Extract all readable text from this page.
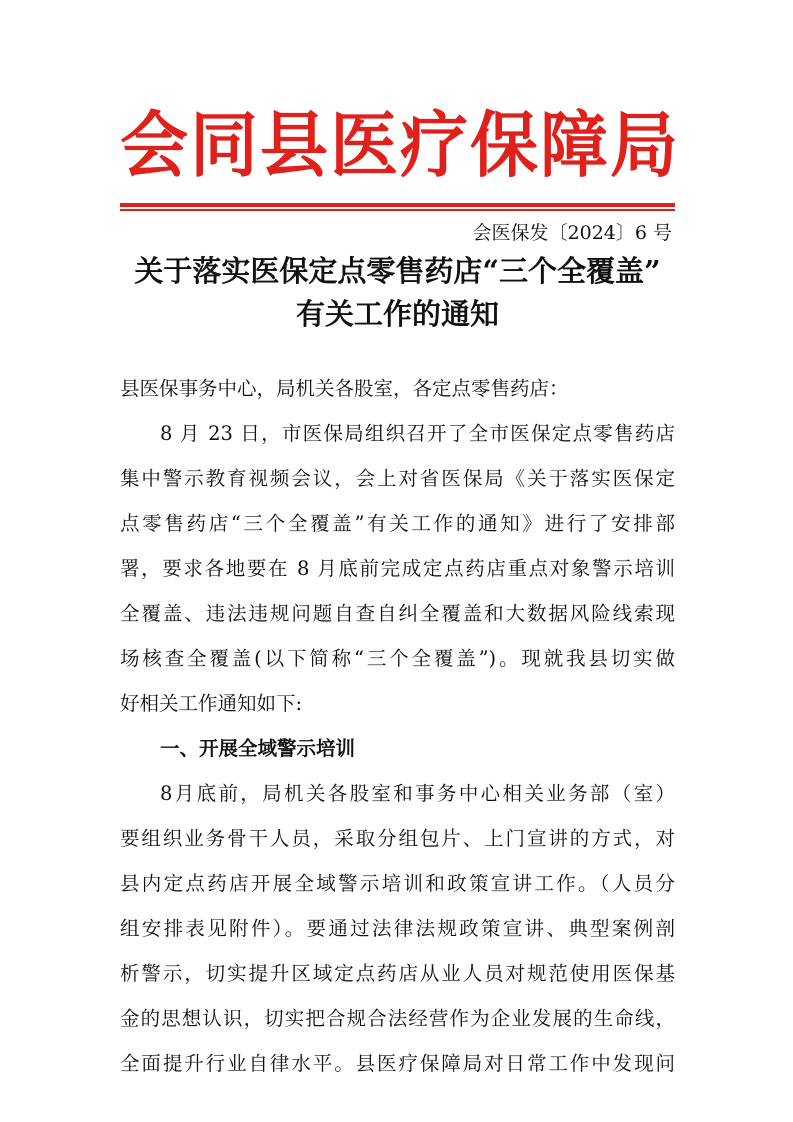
会同县医疗保障局
会医保发〔2024〕6 号
关于落实医保定点零售药店“三个全覆盖”
有关工作的通知
县医保事务中心，局机关各股室，各定点零售药店：
8 月 23 日，市医保局组织召开了全市医保定点零售药店
集中警示教育视频会议，会上对省医保局《关于落实医保定
点零售药店“三个全覆盖”有关工作的通知》进行了安排部
署，要求各地要在 8 月底前完成定点药店重点对象警示培训
全覆盖、违法违规问题自查自纠全覆盖和大数据风险线索现
场核查全覆盖(以下简称“三个全覆盖”)。现就我县切实做
好相关工作通知如下:
一、开展全域警示培训
8月底前，局机关各股室和事务中心相关业务部（室）
要组织业务骨干人员，采取分组包片、上门宣讲的方式，对
县内定点药店开展全域警示培训和政策宣讲工作。（人员分
组安排表见附件）。要通过法律法规政策宣讲、典型案例剖
析警示，切实提升区域定点药店从业人员对规范使用医保基
金的思想认识，切实把合规合法经营作为企业发展的生命线，
全面提升行业自律水平。县医疗保障局对日常工作中发现问
